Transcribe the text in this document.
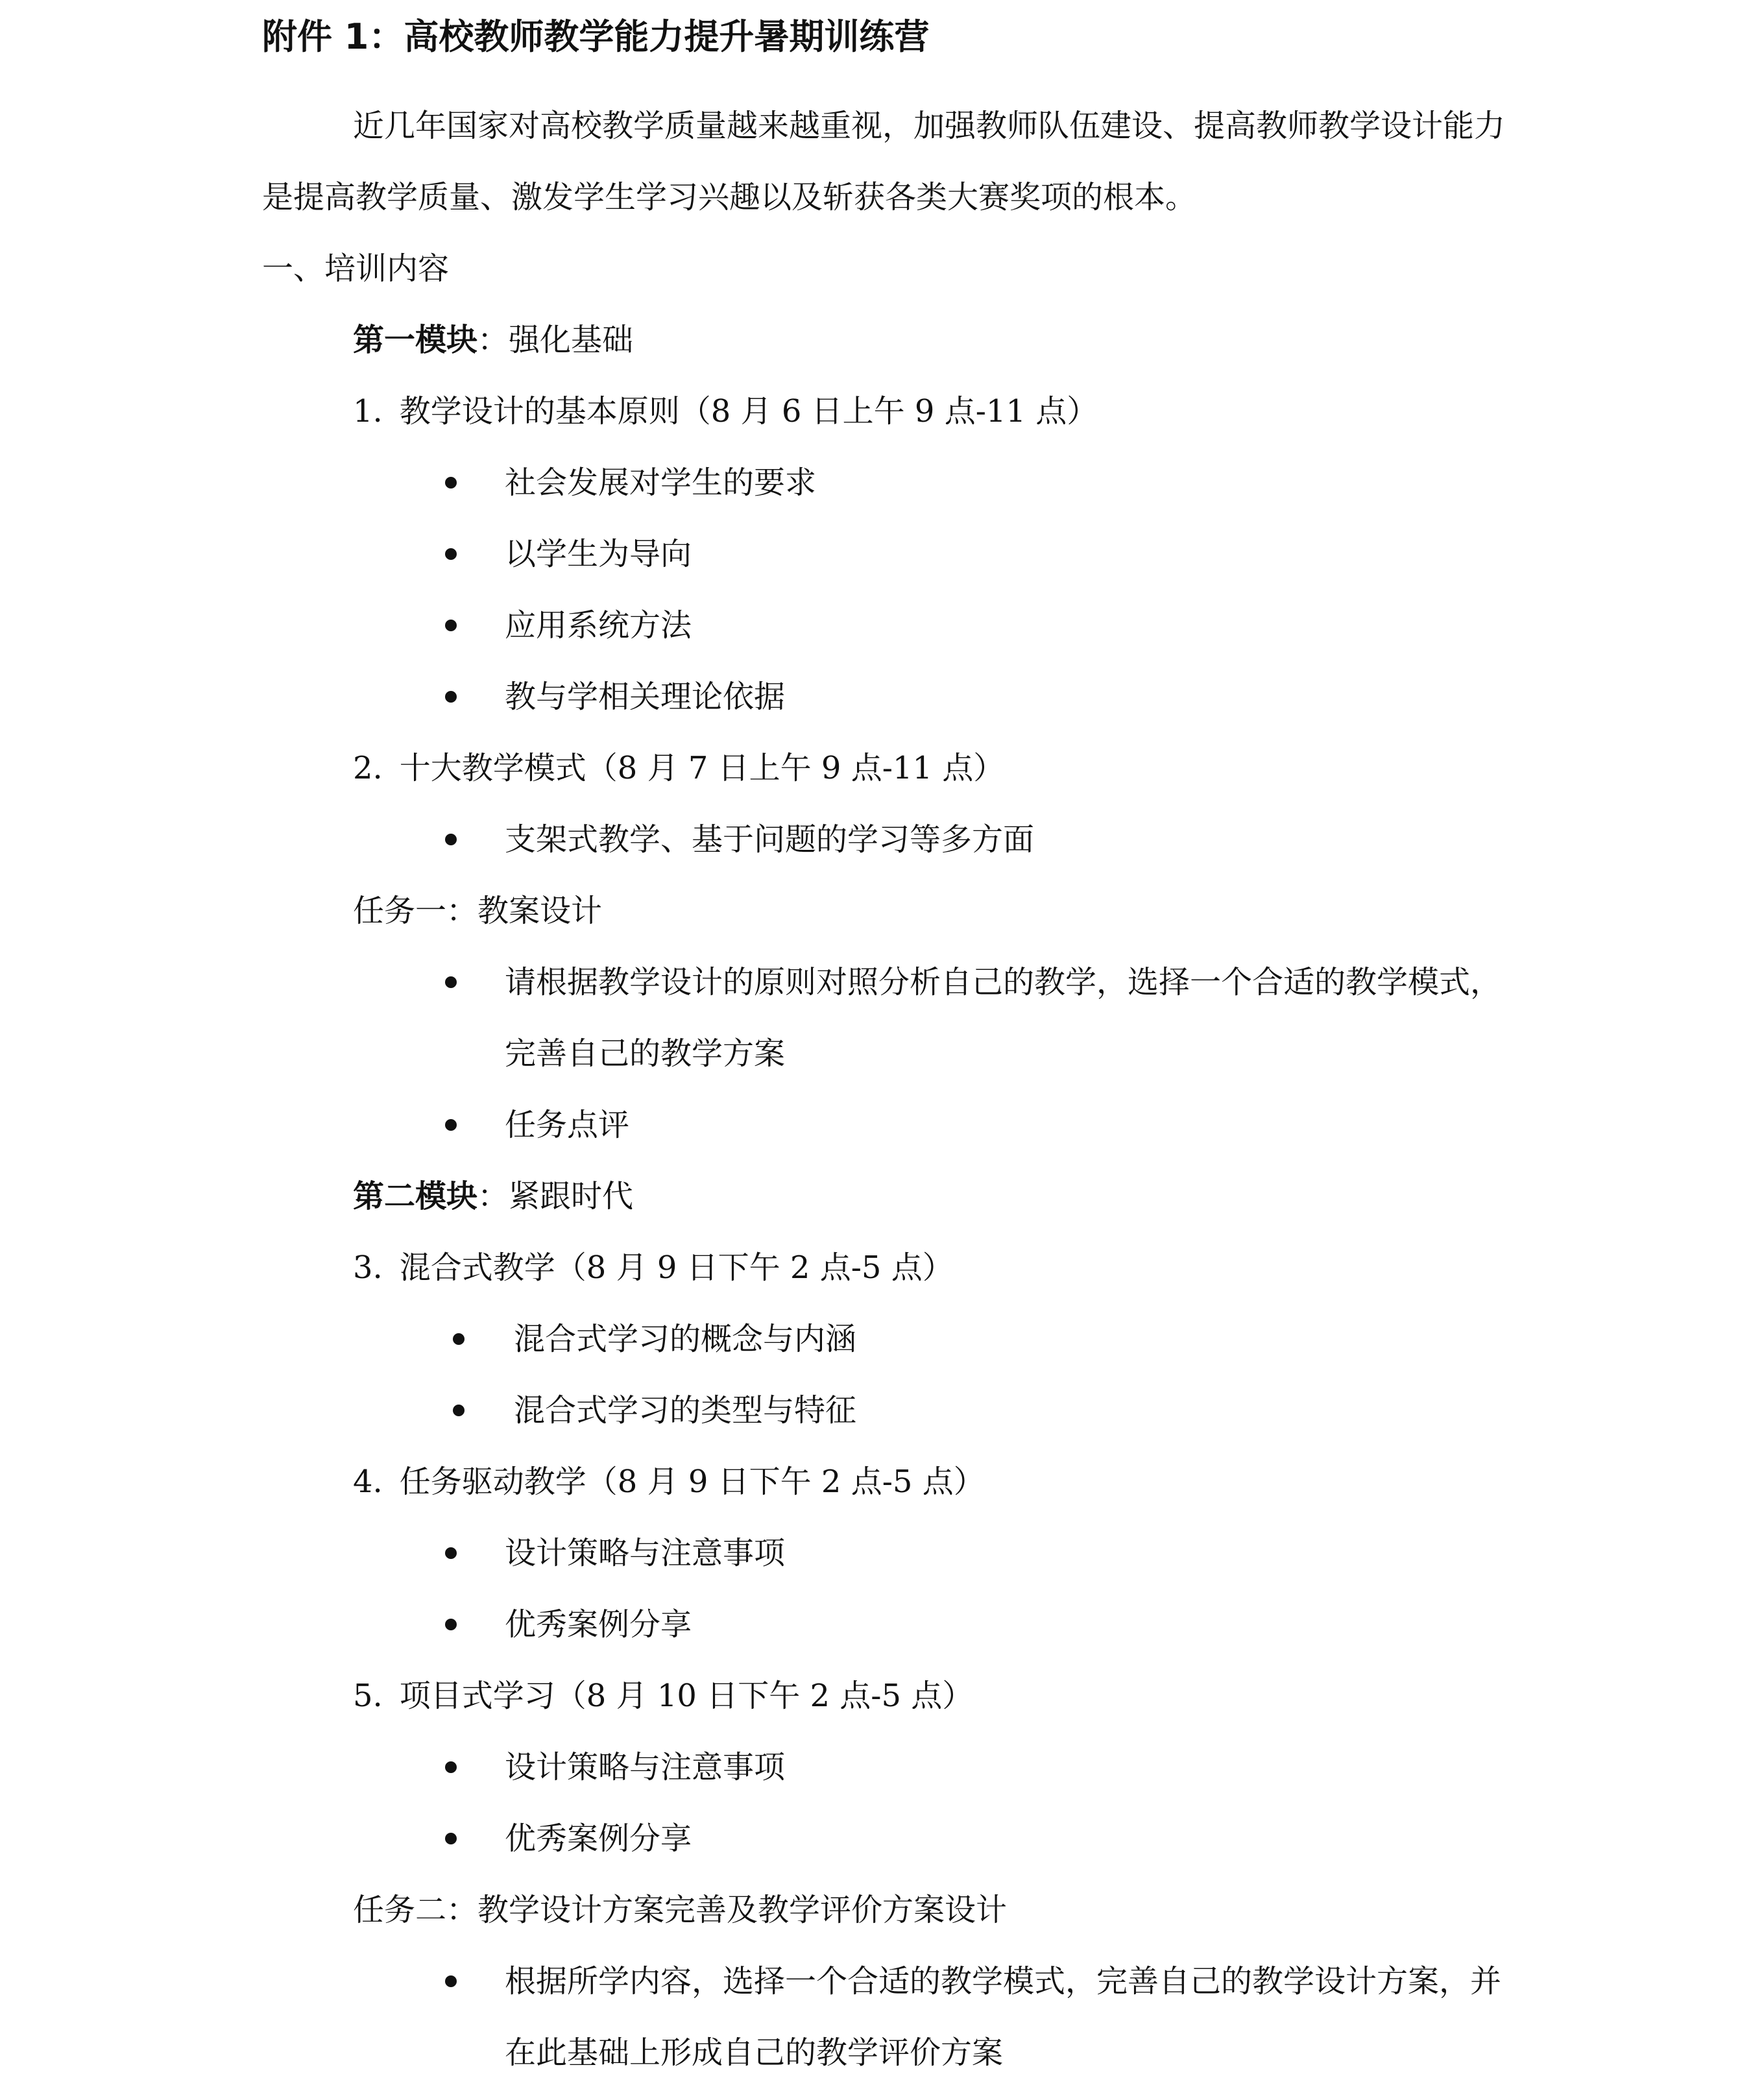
附件 1：高校教师教学能力提升暑期训练营
近几年国家对高校教学质量越来越重视，加强教师队伍建设、提高教师教学设计能力
是提高教学质量、激发学生学习兴趣以及斩获各类大赛奖项的根本。
一、培训内容
第一模块：强化基础
1. 教学设计的基本原则（8 月 6 日上午 9 点-11 点）
社会发展对学生的要求
以学生为导向
应用系统方法
教与学相关理论依据
2. 十大教学模式（8 月 7 日上午 9 点-11 点）
支架式教学、基于问题的学习等多方面
任务一：教案设计
请根据教学设计的原则对照分析自己的教学，选择一个合适的教学模式，
完善自己的教学方案
任务点评
第二模块：紧跟时代
3. 混合式教学（8 月 9 日下午 2 点-5 点）
混合式学习的概念与内涵
混合式学习的类型与特征
4. 任务驱动教学（8 月 9 日下午 2 点-5 点）
设计策略与注意事项
优秀案例分享
5. 项目式学习（8 月 10 日下午 2 点-5 点）
设计策略与注意事项
优秀案例分享
任务二：教学设计方案完善及教学评价方案设计
根据所学内容，选择一个合适的教学模式，完善自己的教学设计方案，并
在此基础上形成自己的教学评价方案
